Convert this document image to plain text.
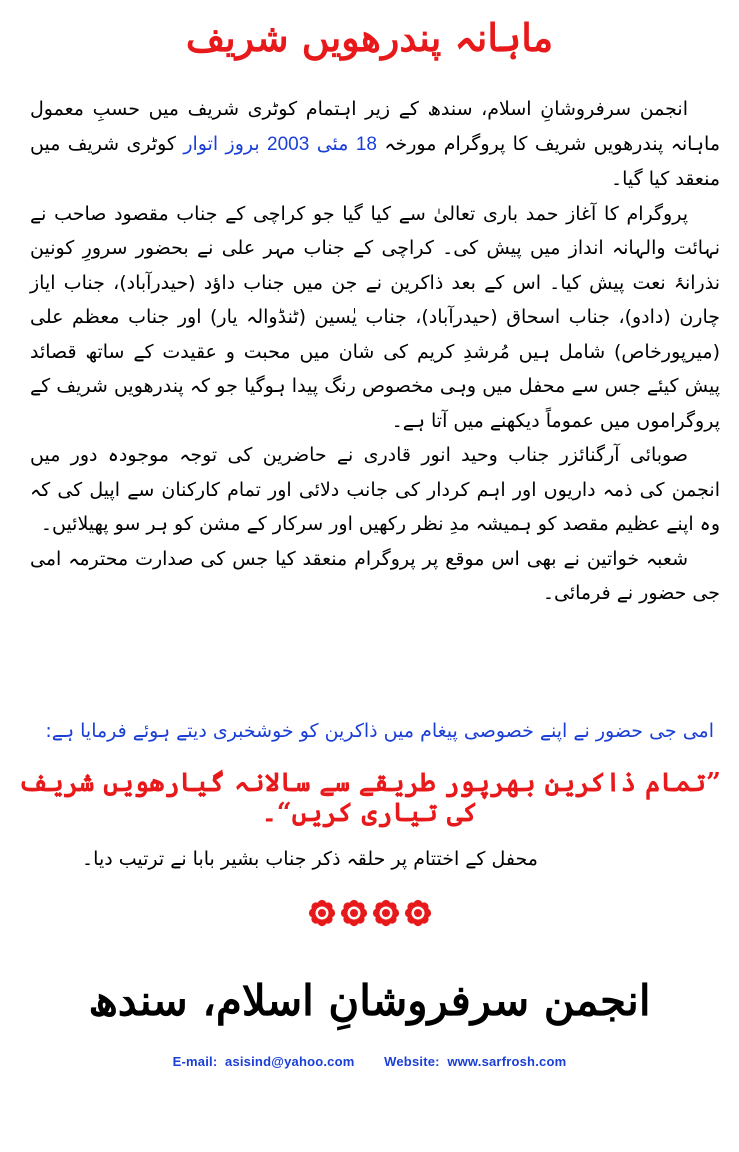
ماہانہ پندرھویں شریف

انجمن سرفروشانِ اسلام، سندھ کے زیر اہتمام کوٹری شریف میں حسبِ معمول ماہانہ پندرھویں شریف کا پروگرام مورخہ 18 مئی 2003 بروز اتوار کوٹری شریف میں منعقد کیا گیا۔

پروگرام کا آغاز حمد باری تعالیٰ سے کیا گیا جو کراچی کے جناب مقصود صاحب نے نہائت والہانہ انداز میں پیش کی۔ کراچی کے جناب مہر علی نے بحضور سرورِ کونین نذرانۂ نعت پیش کیا۔ اس کے بعد ذاکرین نے جن میں جناب داؤد (حیدرآباد)، جناب ایاز چارن (دادو)، جناب اسحاق (حیدرآباد)، جناب یٰسین (ٹنڈوالہ یار) اور جناب معظم علی (میرپورخاص) شامل ہیں مُرشدِ کریم کی شان میں محبت و عقیدت کے ساتھ قصائد پیش کیئے جس سے محفل میں وہی مخصوص رنگ پیدا ہوگیا جو کہ پندرھویں شریف کے پروگراموں میں عموماً دیکھنے میں آتا ہے۔

صوبائی آرگنائزر جناب وحید انور قادری نے حاضرین کی توجہ موجودہ دور میں انجمن کی ذمہ داریوں اور اہم کردار کی جانب دلائی اور تمام کارکنان سے اپیل کی کہ وہ اپنے عظیم مقصد کو ہمیشہ مدِ نظر رکھیں اور سرکار کے مشن کو ہر سو پھیلائیں۔

شعبہ خواتین نے بھی اس موقع پر پروگرام منعقد کیا جس کی صدارت محترمہ امی جی حضور نے فرمائی۔

امی جی حضور نے اپنے خصوصی پیغام میں ذاکرین کو خوشخبری دیتے ہوئے فرمایا ہے:
”تمام ذاکرین بھرپور طریقے سے سالانہ گیارھویں شریف کی تیاری کریں“۔
محفل کے اختتام پر حلقہ ذکر جناب بشیر بابا نے ترتیب دیا۔
انجمن سرفروشانِ اسلام، سندھ
E-mail: asisind@yahoo.com Website: www.sarfrosh.com
